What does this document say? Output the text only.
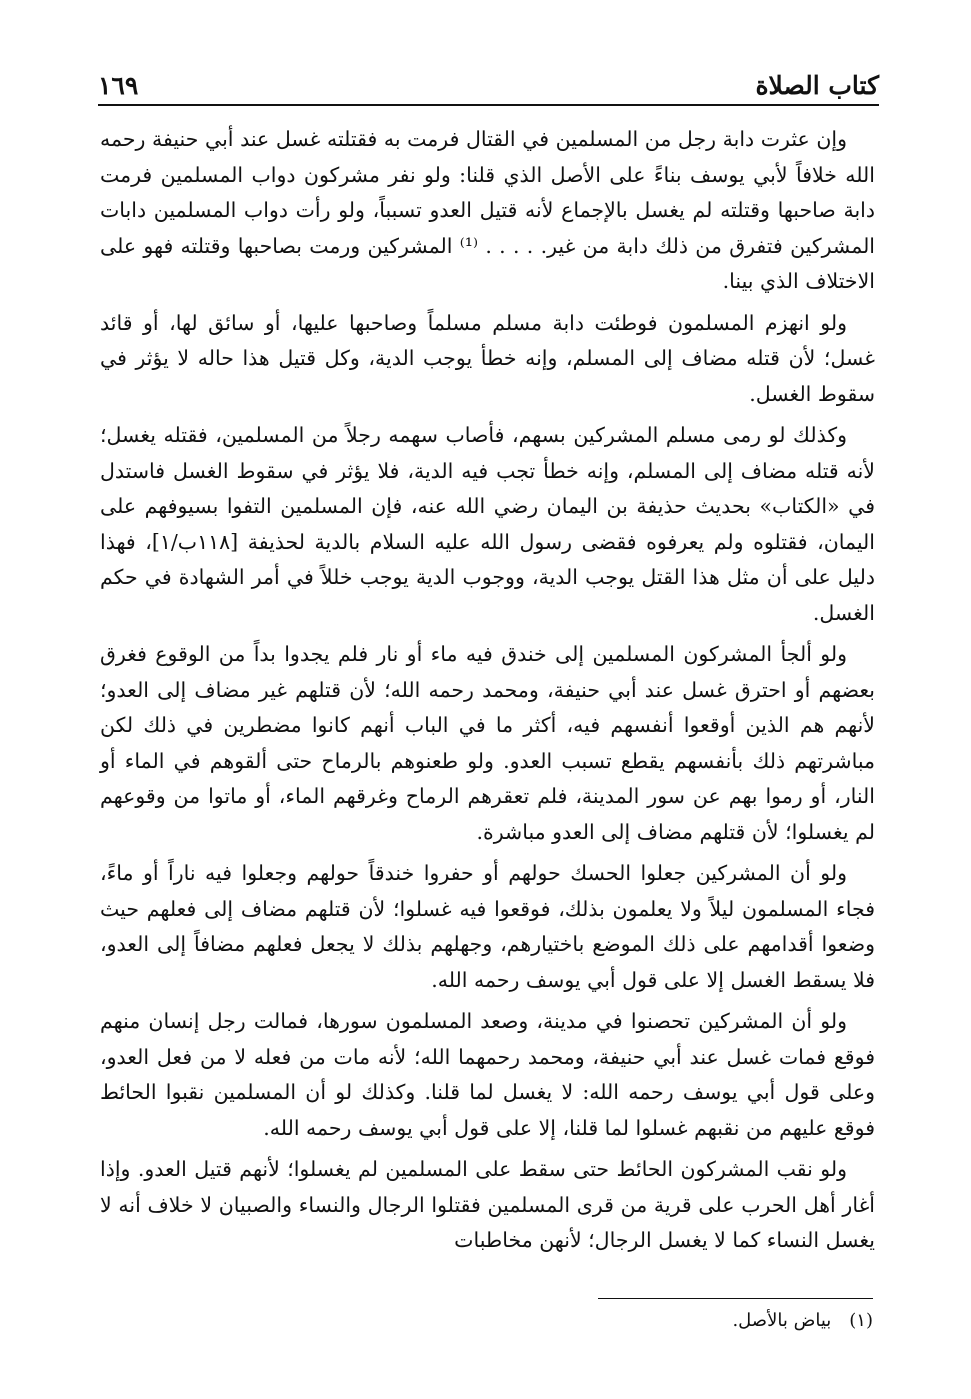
١٦٩	كتاب الصلاة

وإن عثرت دابة رجل من المسلمين في القتال فرمت به فقتلته غسل عند أبي حنيفة رحمه الله خلافاً لأبي يوسف بناءً على الأصل الذي قلنا: ولو نفر مشركون دواب المسلمين فرمت دابة صاحبها وقتلته لم يغسل بالإجماع لأنه قتيل العدو تسبباً، ولو رأت دواب المسلمين دابات المشركين فتفرق من ذلك دابة من غير. . . . . ⁽¹⁾ المشركين ورمت بصاحبها وقتلته فهو على الاختلاف الذي بينا.

ولو انهزم المسلمون فوطئت دابة مسلم مسلماً وصاحبها عليها، أو سائق لها، أو قائد غسل؛ لأن قتله مضاف إلى المسلم، وإنه خطأ يوجب الدية، وكل قتيل هذا حاله لا يؤثر في سقوط الغسل.

وكذلك لو رمى مسلم المشركين بسهم، فأصاب سهمه رجلاً من المسلمين، فقتله يغسل؛ لأنه قتله مضاف إلى المسلم، وإنه خطأ تجب فيه الدية، فلا يؤثر في سقوط الغسل فاستدل في «الكتاب» بحديث حذيفة بن اليمان رضي الله عنه، فإن المسلمين التفوا بسيوفهم على اليمان، فقتلوه ولم يعرفوه فقضى رسول الله عليه السلام بالدية لحذيفة [١١٨ب/١]، فهذا دليل على أن مثل هذا القتل يوجب الدية، ووجوب الدية يوجب خللاً في أمر الشهادة في حكم الغسل.

ولو ألجأ المشركون المسلمين إلى خندق فيه ماء أو نار فلم يجدوا بداً من الوقوع فغرق بعضهم أو احترق غسل عند أبي حنيفة، ومحمد رحمه الله؛ لأن قتلهم غير مضاف إلى العدو؛ لأنهم هم الذين أوقعوا أنفسهم فيه، أكثر ما في الباب أنهم كانوا مضطرين في ذلك لكن مباشرتهم ذلك بأنفسهم يقطع تسبب العدو. ولو طعنوهم بالرماح حتى ألقوهم في الماء أو النار، أو رموا بهم عن سور المدينة، فلم تعقرهم الرماح وغرقهم الماء، أو ماتوا من وقوعهم لم يغسلوا؛ لأن قتلهم مضاف إلى العدو مباشرة.

ولو أن المشركين جعلوا الحسك حولهم أو حفروا خندقاً حولهم وجعلوا فيه ناراً أو ماءً، فجاء المسلمون ليلاً ولا يعلمون بذلك، فوقعوا فيه غسلوا؛ لأن قتلهم مضاف إلى فعلهم حيث وضعوا أقدامهم على ذلك الموضع باختيارهم، وجهلهم بذلك لا يجعل فعلهم مضافاً إلى العدو، فلا يسقط الغسل إلا على قول أبي يوسف رحمه الله.

ولو أن المشركين تحصنوا في مدينة، وصعد المسلمون سورها، فمالت رجل إنسان منهم فوقع فمات غسل عند أبي حنيفة، ومحمد رحمهما الله؛ لأنه مات من فعله لا من فعل العدو، وعلى قول أبي يوسف رحمه الله: لا يغسل لما قلنا. وكذلك لو أن المسلمين نقبوا الحائط فوقع عليهم من نقبهم غسلوا لما قلنا، إلا على قول أبي يوسف رحمه الله.

ولو نقب المشركون الحائط حتى سقط على المسلمين لم يغسلوا؛ لأنهم قتيل العدو. وإذا أغار أهل الحرب على قرية من قرى المسلمين فقتلوا الرجال والنساء والصبيان لا خلاف أنه لا يغسل النساء كما لا يغسل الرجال؛ لأنهن مخاطبات

(١)بياض بالأصل.
